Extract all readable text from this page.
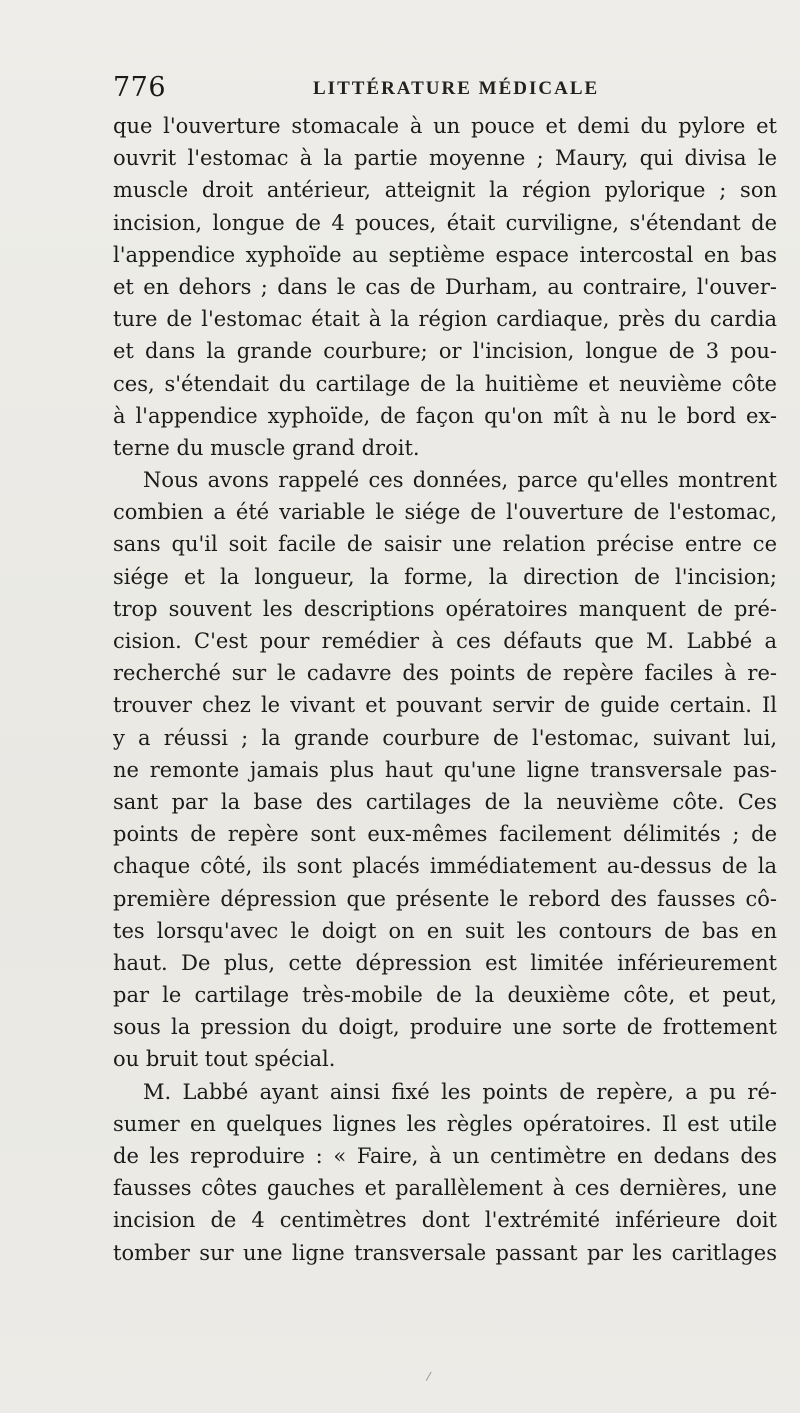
776	LITTÉRATURE MÉDICALE
que l'ouverture stomacale à un pouce et demi du pylore et
ouvrit l'estomac à la partie moyenne ; Maury, qui divisa le
muscle droit antérieur, atteignit la région pylorique ; son
incision, longue de 4 pouces, était curviligne, s'étendant de
l'appendice xyphoïde au septième espace intercostal en bas
et en dehors ; dans le cas de Durham, au contraire, l'ouver-
ture de l'estomac était à la région cardiaque, près du cardia
et dans la grande courbure; or l'incision, longue de 3 pou-
ces, s'étendait du cartilage de la huitième et neuvième côte
à l'appendice xyphoïde, de façon qu'on mît à nu le bord ex-
terne du muscle grand droit.
Nous avons rappelé ces données, parce qu'elles montrent
combien a été variable le siége de l'ouverture de l'estomac,
sans qu'il soit facile de saisir une relation précise entre ce
siége et la longueur, la forme, la direction de l'incision;
trop souvent les descriptions opératoires manquent de pré-
cision. C'est pour remédier à ces défauts que M. Labbé a
recherché sur le cadavre des points de repère faciles à re-
trouver chez le vivant et pouvant servir de guide certain. Il
y a réussi ; la grande courbure de l'estomac, suivant lui,
ne remonte jamais plus haut qu'une ligne transversale pas-
sant par la base des cartilages de la neuvième côte. Ces
points de repère sont eux-mêmes facilement délimités ; de
chaque côté, ils sont placés immédiatement au-dessus de la
première dépression que présente le rebord des fausses cô-
tes lorsqu'avec le doigt on en suit les contours de bas en
haut. De plus, cette dépression est limitée inférieurement
par le cartilage très-mobile de la deuxième côte, et peut,
sous la pression du doigt, produire une sorte de frottement
ou bruit tout spécial.
M. Labbé ayant ainsi fixé les points de repère, a pu ré-
sumer en quelques lignes les règles opératoires. Il est utile
de les reproduire : « Faire, à un centimètre en dedans des
fausses côtes gauches et parallèlement à ces dernières, une
incision de 4 centimètres dont l'extrémité inférieure doit
tomber sur une ligne transversale passant par les caritlages
